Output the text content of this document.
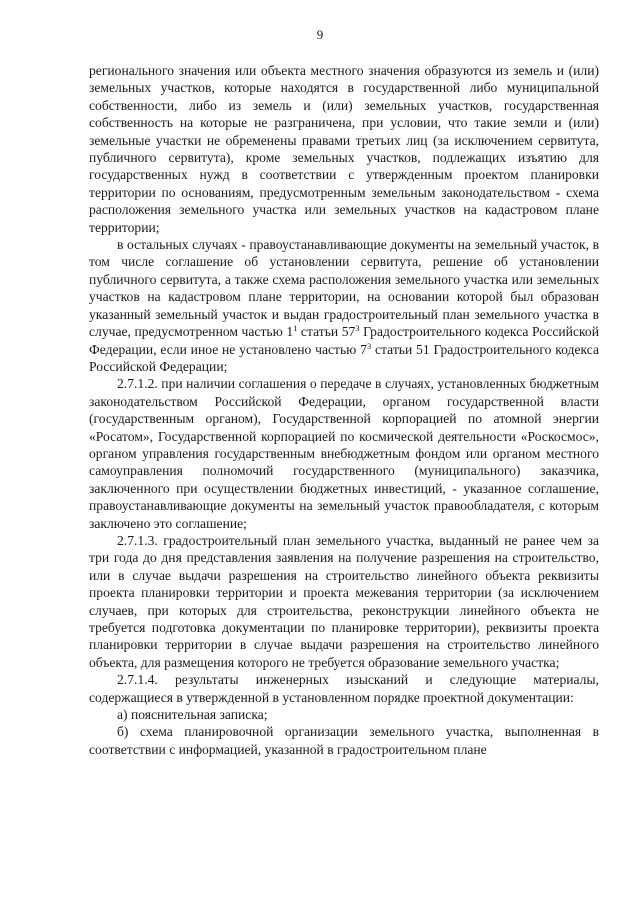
9

регионального значения или объекта местного значения образуются из земель и (или) земельных участков, которые находятся в государственной либо муниципальной собственности, либо из земель и (или) земельных участков, государственная собственность на которые не разграничена, при условии, что такие земли и (или) земельные участки не обременены правами третьих лиц (за исключением сервитута, публичного сервитута), кроме земельных участков, подлежащих изъятию для государственных нужд в соответствии с утвержденным проектом планировки территории по основаниям, предусмотренным земельным законодательством - схема расположения земельного участка или земельных участков на кадастровом плане территории;

в остальных случаях - правоустанавливающие документы на земельный участок, в том числе соглашение об установлении сервитута, решение об установлении публичного сервитута, а также схема расположения земельного участка или земельных участков на кадастровом плане территории, на основании которой был образован указанный земельный участок и выдан градостроительный план земельного участка в случае, предусмотренном частью $1^1$ статьи $57^3$ Градостроительного кодекса Российской Федерации, если иное не установлено частью $7^3$ статьи 51 Градостроительного кодекса Российской Федерации;

2.7.1.2. при наличии соглашения о передаче в случаях, установленных бюджетным законодательством Российской Федерации, органом государственной власти (государственным органом), Государственной корпорацией по атомной энергии «Росатом», Государственной корпорацией по космической деятельности «Роскосмос», органом управления государственным внебюджетным фондом или органом местного самоуправления полномочий государственного (муниципального) заказчика, заключенного при осуществлении бюджетных инвестиций, - указанное соглашение, правоустанавливающие документы на земельный участок правообладателя, с которым заключено это соглашение;

2.7.1.3. градостроительный план земельного участка, выданный не ранее чем за три года до дня представления заявления на получение разрешения на строительство, или в случае выдачи разрешения на строительство линейного объекта реквизиты проекта планировки территории и проекта межевания территории (за исключением случаев, при которых для строительства, реконструкции линейного объекта не требуется подготовка документации по планировке территории), реквизиты проекта планировки территории в случае выдачи разрешения на строительство линейного объекта, для размещения которого не требуется образование земельного участка;

2.7.1.4. результаты инженерных изысканий и следующие материалы, содержащиеся в утвержденной в установленном порядке проектной документации:

а) пояснительная записка;

б) схема планировочной организации земельного участка, выполненная в соответствии с информацией, указанной в градостроительном плане
